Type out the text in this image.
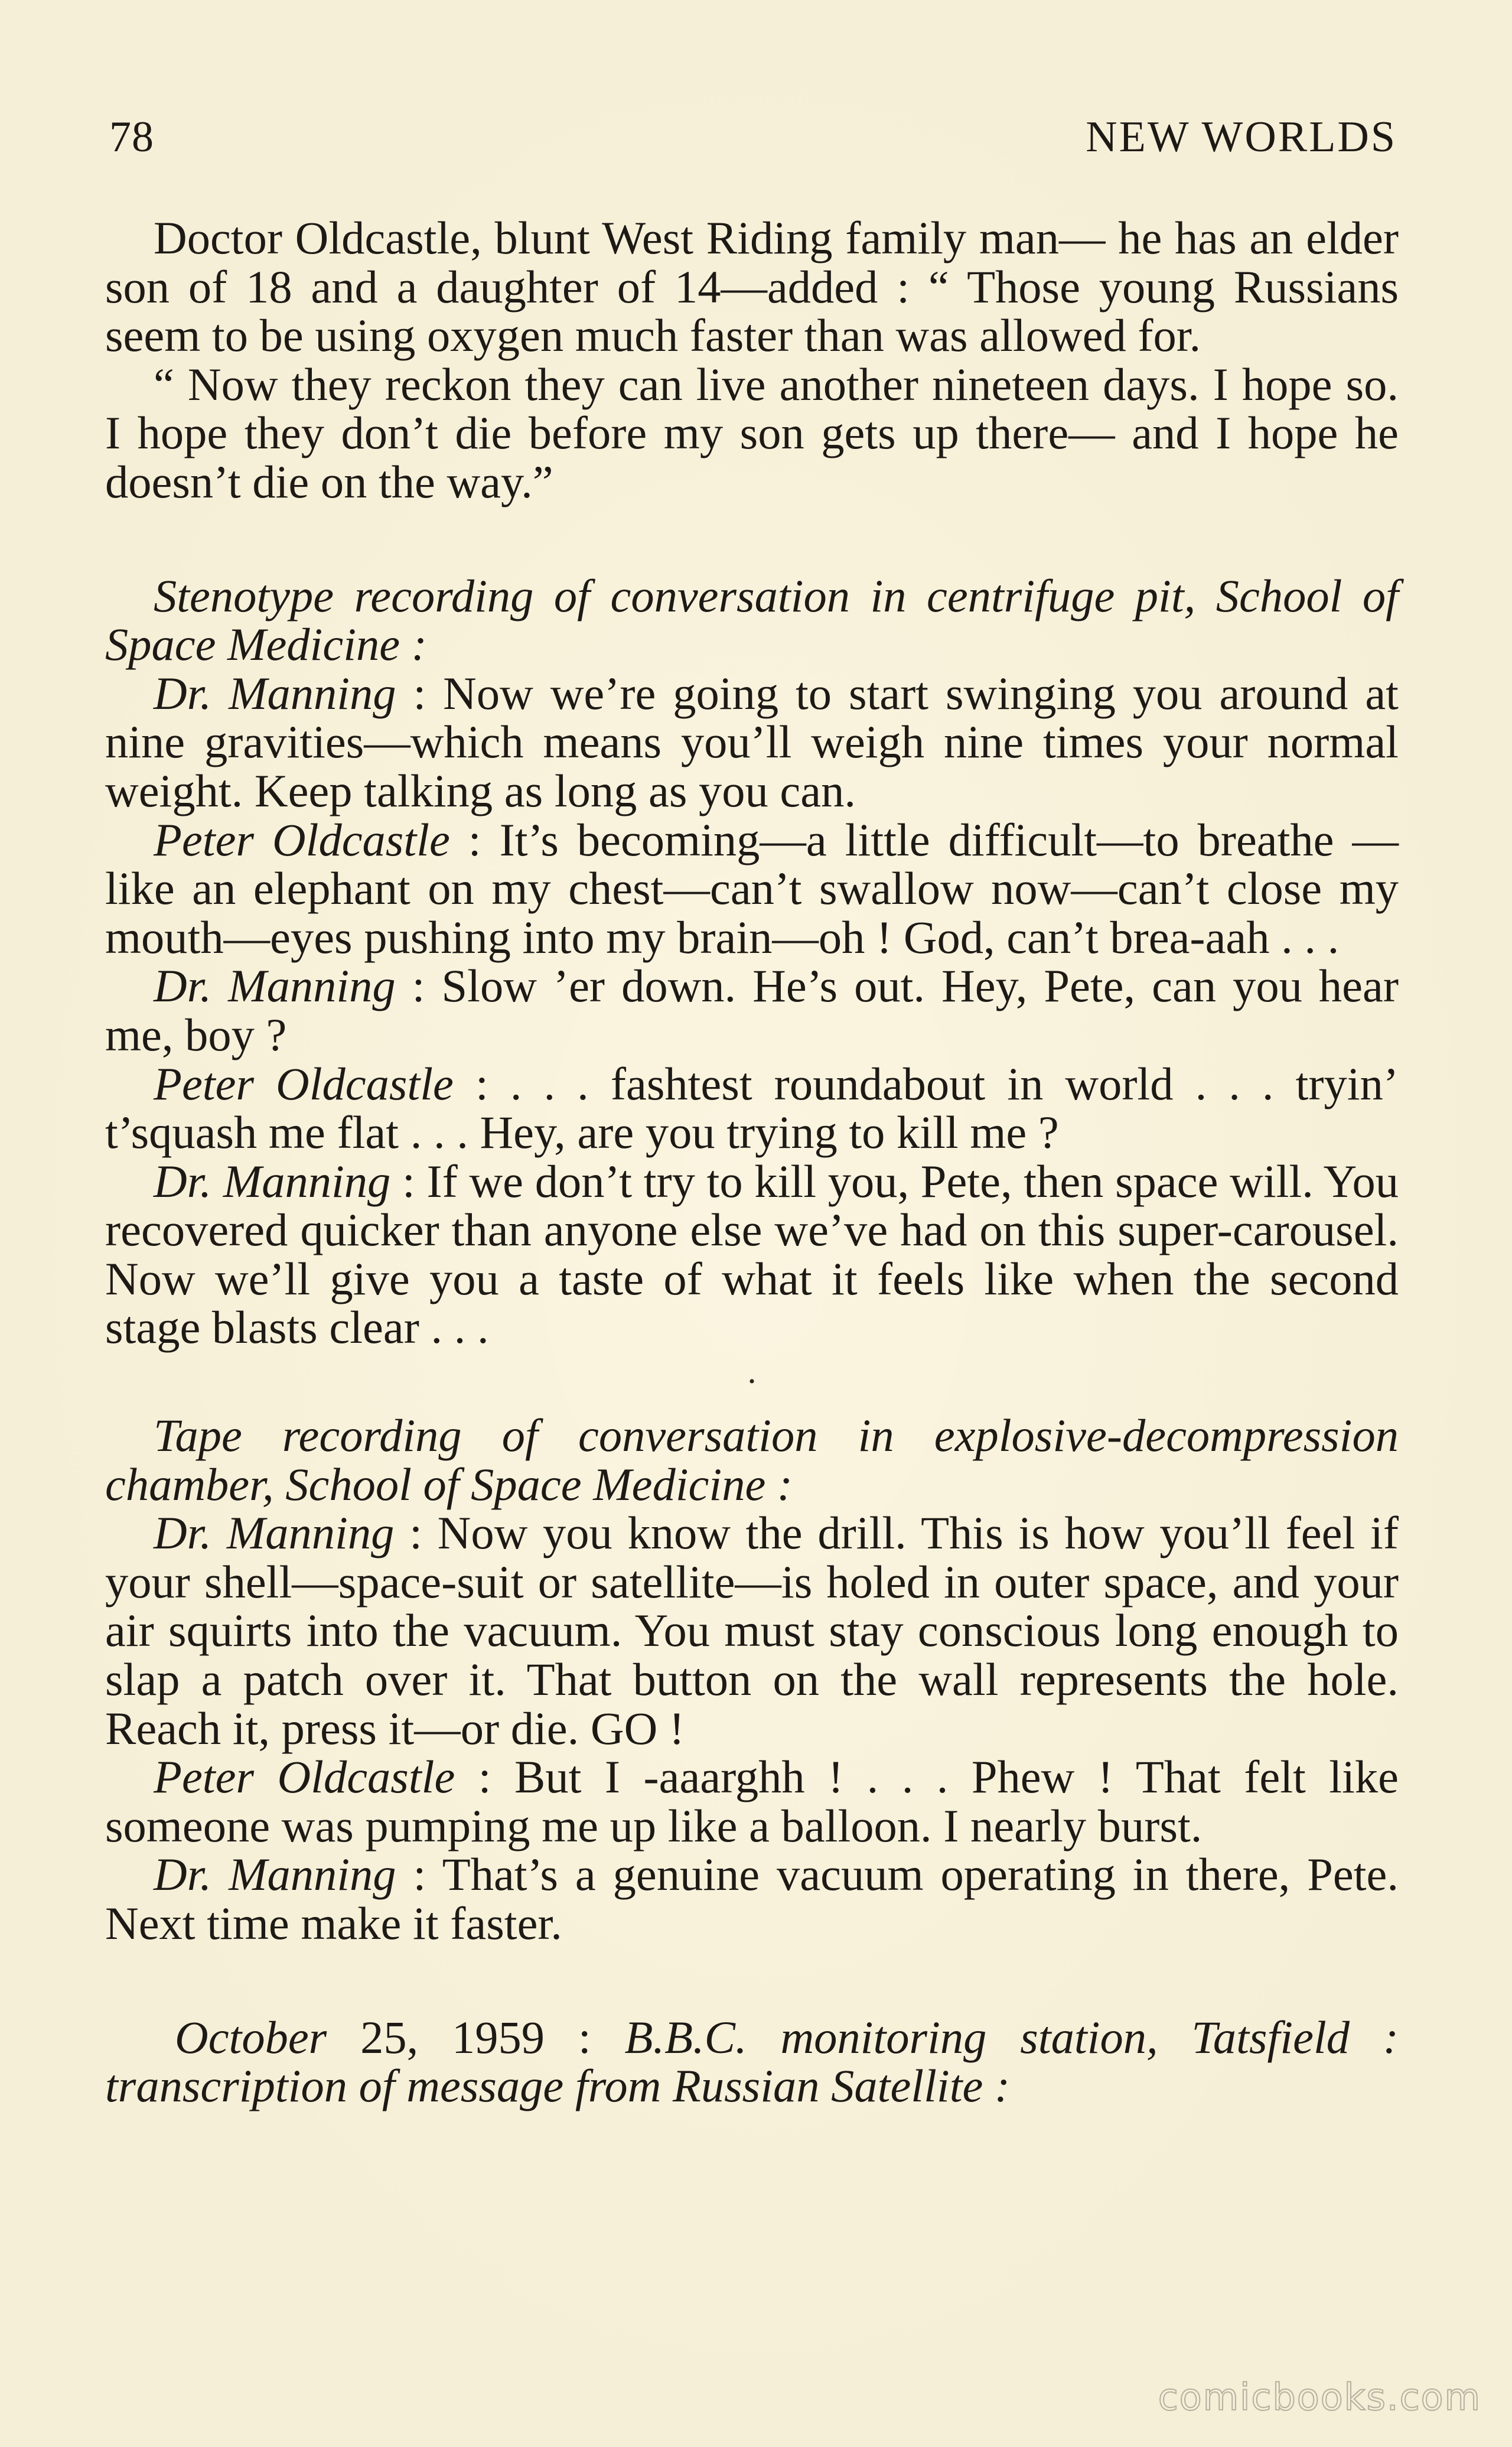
78	NEW WORLDS

Doctor Oldcastle, blunt West Riding family man— he has an elder son of 18 and a daughter of 14—added : “ Those young Russians seem to be using oxygen much faster than was allowed for.

“ Now they reckon they can live another nineteen days. I hope so. I hope they don’t die before my son gets up there— and I hope he doesn’t die on the way.”

Stenotype recording of conversation in centrifuge pit, School of Space Medicine :

Dr. Manning : Now we’re going to start swinging you around at nine gravities—which means you’ll weigh nine times your normal weight. Keep talking as long as you can.

Peter Oldcastle : It’s becoming—a little difficult—to breathe —like an elephant on my chest—can’t swallow now—can’t close my mouth—eyes pushing into my brain—oh ! God, can’t brea-aah . . .

Dr. Manning : Slow ’er down. He’s out. Hey, Pete, can you hear me, boy ?

Peter Oldcastle : . . . fashtest roundabout in world . . . tryin’ t’squash me flat . . . Hey, are you trying to kill me ?

Dr. Manning : If we don’t try to kill you, Pete, then space will. You recovered quicker than anyone else we’ve had on this super-carousel. Now we’ll give you a taste of what it feels like when the second stage blasts clear . . .

•

Tape recording of conversation in explosive-decompression chamber, School of Space Medicine :

Dr. Manning : Now you know the drill. This is how you’ll feel if your shell—space-suit or satellite—is holed in outer space, and your air squirts into the vacuum. You must stay conscious long enough to slap a patch over it. That button on the wall represents the hole. Reach it, press it—or die. GO !

Peter Oldcastle : But I -aaarghh ! . . . Phew ! That felt like someone was pumping me up like a balloon. I nearly burst.

Dr. Manning : That’s a genuine vacuum operating in there, Pete. Next time make it faster.

October 25, 1959 : B.B.C. monitoring station, Tatsfield : transcription of message from Russian Satellite :

comicbooks.com
